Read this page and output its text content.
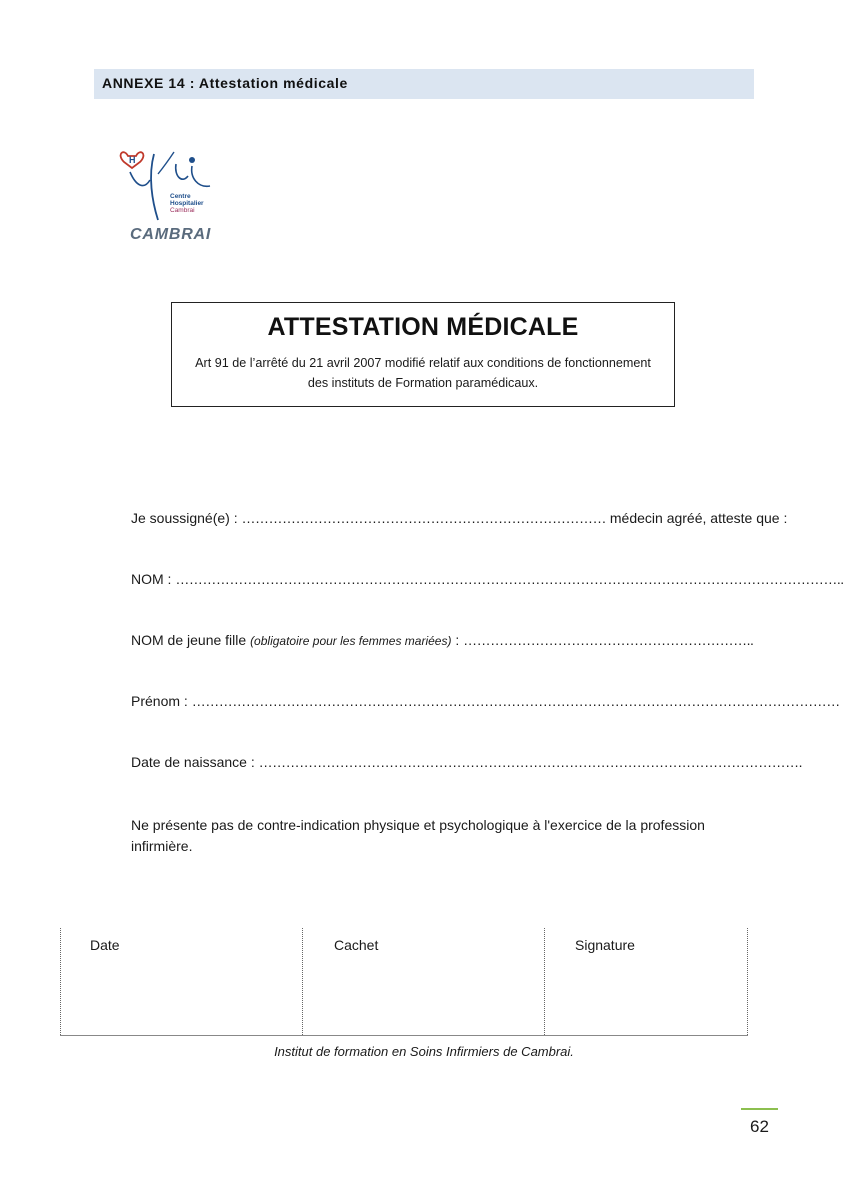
ANNEXE 14 : Attestation médicale
H
Centre
Hospitalier
Cambrai
CAMBRAI
ATTESTATION MÉDICALE

Art 91 de l’arrêté du 21 avril 2007 modifié relatif aux conditions de fonctionnement
des instituts de Formation paramédicaux.

Je soussigné(e) : ……………………………………………………………………… médecin agréé, atteste que :
NOM : …………………………………………………………………………………………………………………………………..
NOM de jeune fille (obligatoire pour les femmes mariées) : ………………………………………………………..
Prénom : ………………………………………………………………………………………………………………………………
Date de naissance : ………………………………………………………………………………………………………….
Ne présente pas de contre-indication physique et psychologique à l'exercice de la profession
infirmière.
Date	Cachet	Signature
Institut de formation en Soins Infirmiers de Cambrai.
62
